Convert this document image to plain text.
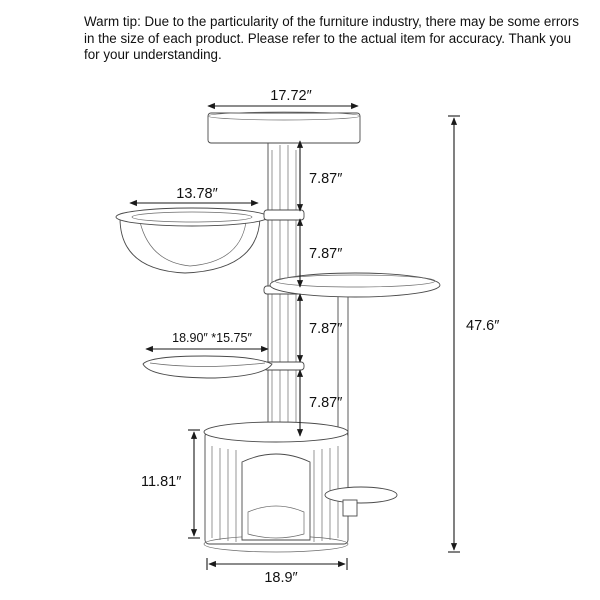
Warm tip: Due to the particularity of the furniture industry, there may be some errors in the size of each product. Please refer to the actual item for accuracy. Thank you for your understanding.

17.72″
13.78″
18.90″ *15.75″
7.87″
7.87″
7.87″
7.87″
47.6″
11.81″
18.9″
